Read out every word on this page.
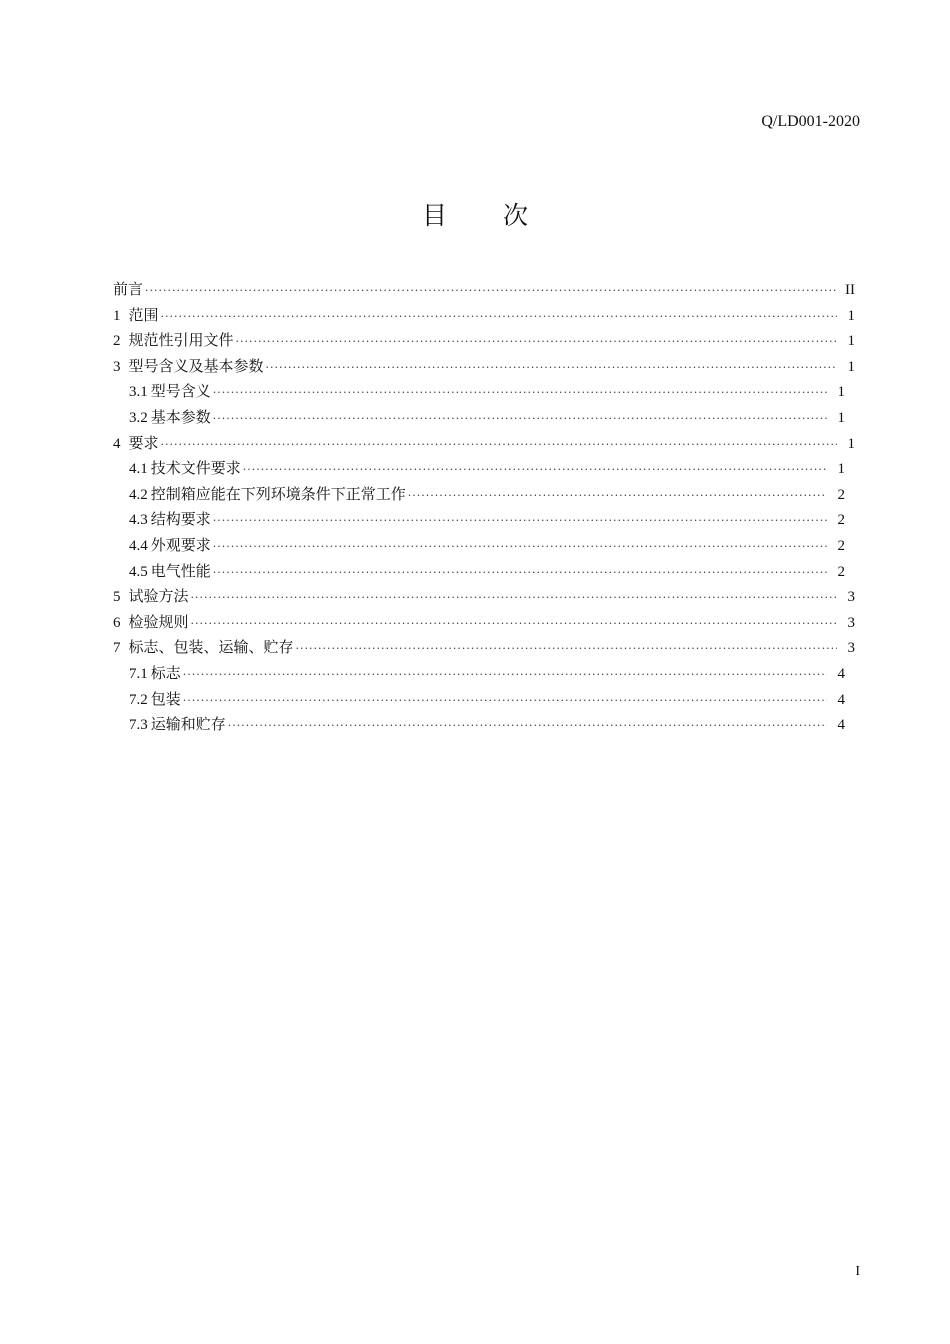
Q/LD001-2020
目 次
前言 ·····	II
1 范围 ·····	1
2 规范性引用文件 ·····	1
3 型号含义及基本参数 ·····	1
3.1 型号含义 ·····	1
3.2 基本参数 ·····	1
4 要求 ·····	1
4.1 技术文件要求 ·····	1
4.2 控制箱应能在下列环境条件下正常工作 ·····	2
4.3 结构要求 ·····	2
4.4 外观要求 ·····	2
4.5 电气性能 ·····	2
5 试验方法 ·····	3
6 检验规则 ·····	3
7 标志、包装、运输、贮存 ·····	3
7.1 标志 ·····	4
7.2 包装 ·····	4
7.3 运输和贮存 ·····	4
I
